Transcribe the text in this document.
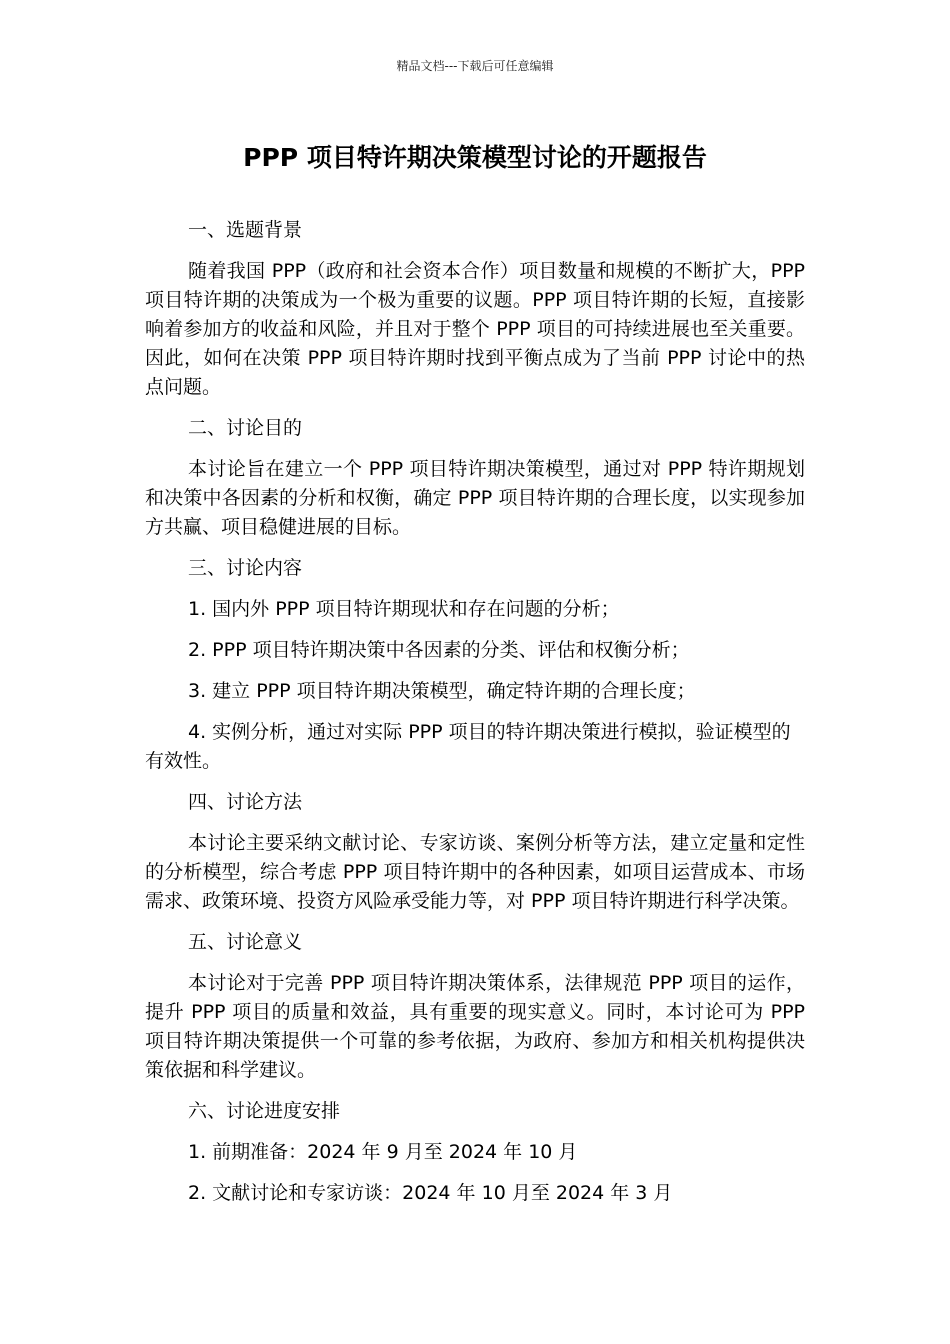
精品文档---下载后可任意编辑
PPP 项目特许期决策模型讨论的开题报告
一、选题背景
随着我国 PPP（政府和社会资本合作）项目数量和规模的不断扩大，PPP 项目特许期的决策成为一个极为重要的议题。PPP 项目特许期的长短，直接影响着参加方的收益和风险，并且对于整个 PPP 项目的可持续进展也至关重要。因此，如何在决策 PPP 项目特许期时找到平衡点成为了当前 PPP 讨论中的热点问题。
二、讨论目的
本讨论旨在建立一个 PPP 项目特许期决策模型，通过对 PPP 特许期规划和决策中各因素的分析和权衡，确定 PPP 项目特许期的合理长度，以实现参加方共赢、项目稳健进展的目标。
三、讨论内容
1. 国内外 PPP 项目特许期现状和存在问题的分析；
2. PPP 项目特许期决策中各因素的分类、评估和权衡分析；
3. 建立 PPP 项目特许期决策模型，确定特许期的合理长度；
4. 实例分析，通过对实际 PPP 项目的特许期决策进行模拟，验证模型的有效性。
四、讨论方法
本讨论主要采纳文献讨论、专家访谈、案例分析等方法，建立定量和定性的分析模型，综合考虑 PPP 项目特许期中的各种因素，如项目运营成本、市场需求、政策环境、投资方风险承受能力等，对 PPP 项目特许期进行科学决策。
五、讨论意义
本讨论对于完善 PPP 项目特许期决策体系，法律规范 PPP 项目的运作，提升 PPP 项目的质量和效益，具有重要的现实意义。同时，本讨论可为 PPP 项目特许期决策提供一个可靠的参考依据，为政府、参加方和相关机构提供决策依据和科学建议。
六、讨论进度安排
1. 前期准备：2024 年 9 月至 2024 年 10 月
2. 文献讨论和专家访谈：2024 年 10 月至 2024 年 3 月
